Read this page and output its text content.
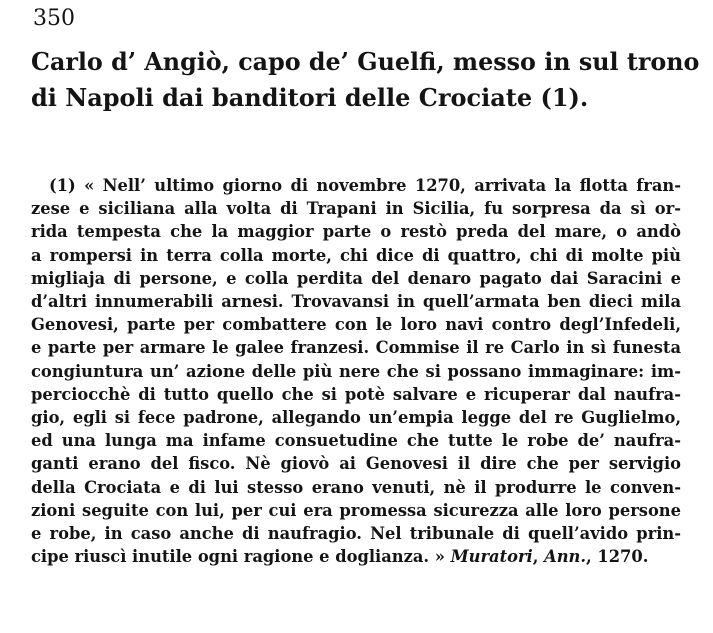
350
Carlo d’ Angiò, capo de’ Guelfi, messo in sul trono
di Napoli dai banditori delle Crociate (1).
(1) « Nell’ ultimo giorno di novembre 1270, arrivata la flotta fran-
zese e siciliana alla volta di Trapani in Sicilia, fu sorpresa da sì or-
rida tempesta che la maggior parte o restò preda del mare, o andò
a rompersi in terra colla morte, chi dice di quattro, chi di molte più
migliaja di persone, e colla perdita del denaro pagato dai Saracini e
d’altri innumerabili arnesi. Trovavansi in quell’armata ben dieci mila
Genovesi, parte per combattere con le loro navi contro degl’Infedeli,
e parte per armare le galee franzesi. Commise il re Carlo in sì funesta
congiuntura un’ azione delle più nere che si possano immaginare: im-
perciocchè di tutto quello che si potè salvare e ricuperar dal naufra-
gio, egli si fece padrone, allegando un’empia legge del re Guglielmo,
ed una lunga ma infame consuetudine che tutte le robe de’ naufra-
ganti erano del fisco. Nè giovò ai Genovesi il dire che per servigio
della Crociata e di lui stesso erano venuti, nè il produrre le conven-
zioni seguite con lui, per cui era promessa sicurezza alle loro persone
e robe, in caso anche di naufragio. Nel tribunale di quell’avido prin-
cipe riuscì inutile ogni ragione e doglianza. » Muratori, Ann., 1270.
